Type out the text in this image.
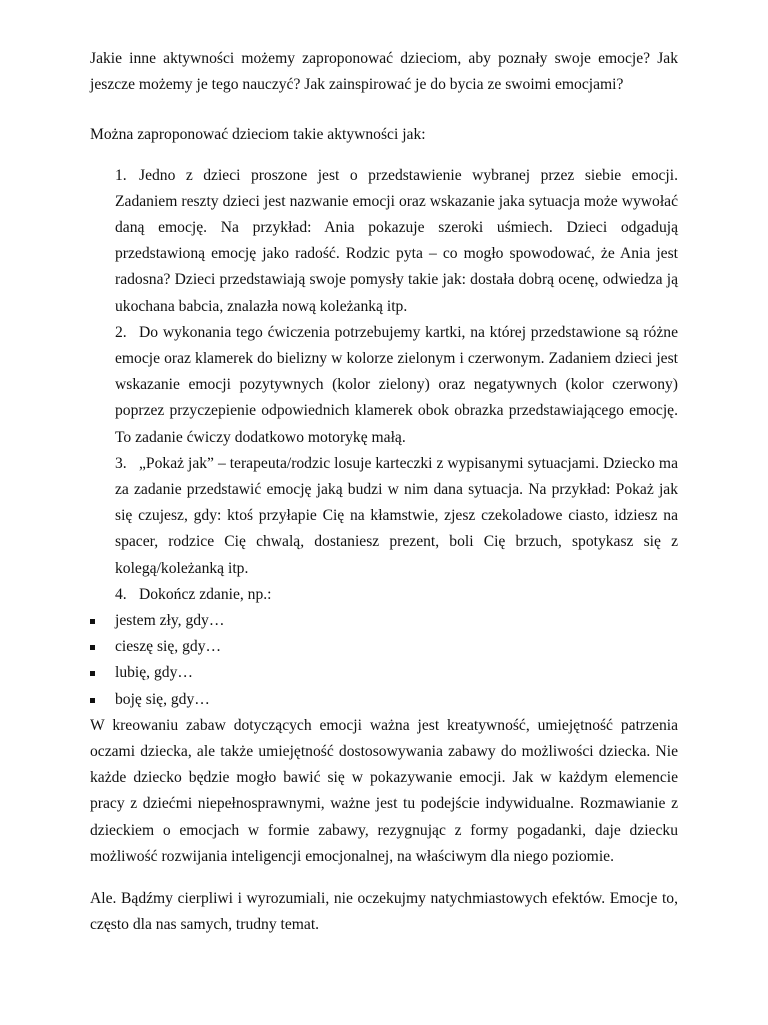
Jakie inne aktywności możemy zaproponować dzieciom, aby poznały swoje emocje? Jak jeszcze możemy je tego nauczyć? Jak zainspirować je do bycia ze swoimi emocjami?

Można zaproponować dzieciom takie aktywności jak:

1. Jedno z dzieci proszone jest o przedstawienie wybranej przez siebie emocji. Zadaniem reszty dzieci jest nazwanie emocji oraz wskazanie jaka sytuacja może wywołać daną emocję. Na przykład: Ania pokazuje szeroki uśmiech. Dzieci odgadują przedstawioną emocję jako radość. Rodzic pyta – co mogło spowodować, że Ania jest radosna? Dzieci przedstawiają swoje pomysły takie jak: dostała dobrą ocenę, odwiedza ją ukochana babcia, znalazła nową koleżanką itp.
2. Do wykonania tego ćwiczenia potrzebujemy kartki, na której przedstawione są różne emocje oraz klamerek do bielizny w kolorze zielonym i czerwonym. Zadaniem dzieci jest wskazanie emocji pozytywnych (kolor zielony) oraz negatywnych (kolor czerwony) poprzez przyczepienie odpowiednich klamerek obok obrazka przedstawiającego emocję. To zadanie ćwiczy dodatkowo motorykę małą.
3. „Pokaż jak” – terapeuta/rodzic losuje karteczki z wypisanymi sytuacjami. Dziecko ma za zadanie przedstawić emocję jaką budzi w nim dana sytuacja. Na przykład: Pokaż jak się czujesz, gdy: ktoś przyłapie Cię na kłamstwie, zjesz czekoladowe ciasto, idziesz na spacer, rodzice Cię chwalą, dostaniesz prezent, boli Cię brzuch, spotykasz się z kolegą/koleżanką itp.
4. Dokończ zdanie, np.:
jestem zły, gdy…
cieszę się, gdy…
lubię, gdy…
boję się, gdy…

W kreowaniu zabaw dotyczących emocji ważna jest kreatywność, umiejętność patrzenia oczami dziecka, ale także umiejętność dostosowywania zabawy do możliwości dziecka. Nie każde dziecko będzie mogło bawić się w pokazywanie emocji. Jak w każdym elemencie pracy z dziećmi niepełnosprawnymi, ważne jest tu podejście indywidualne. Rozmawianie z dzieckiem o emocjach w formie zabawy, rezygnując z formy pogadanki, daje dziecku możliwość rozwijania inteligencji emocjonalnej, na właściwym dla niego poziomie.

Ale. Bądźmy cierpliwi i wyrozumiali, nie oczekujmy natychmiastowych efektów. Emocje to, często dla nas samych, trudny temat.
